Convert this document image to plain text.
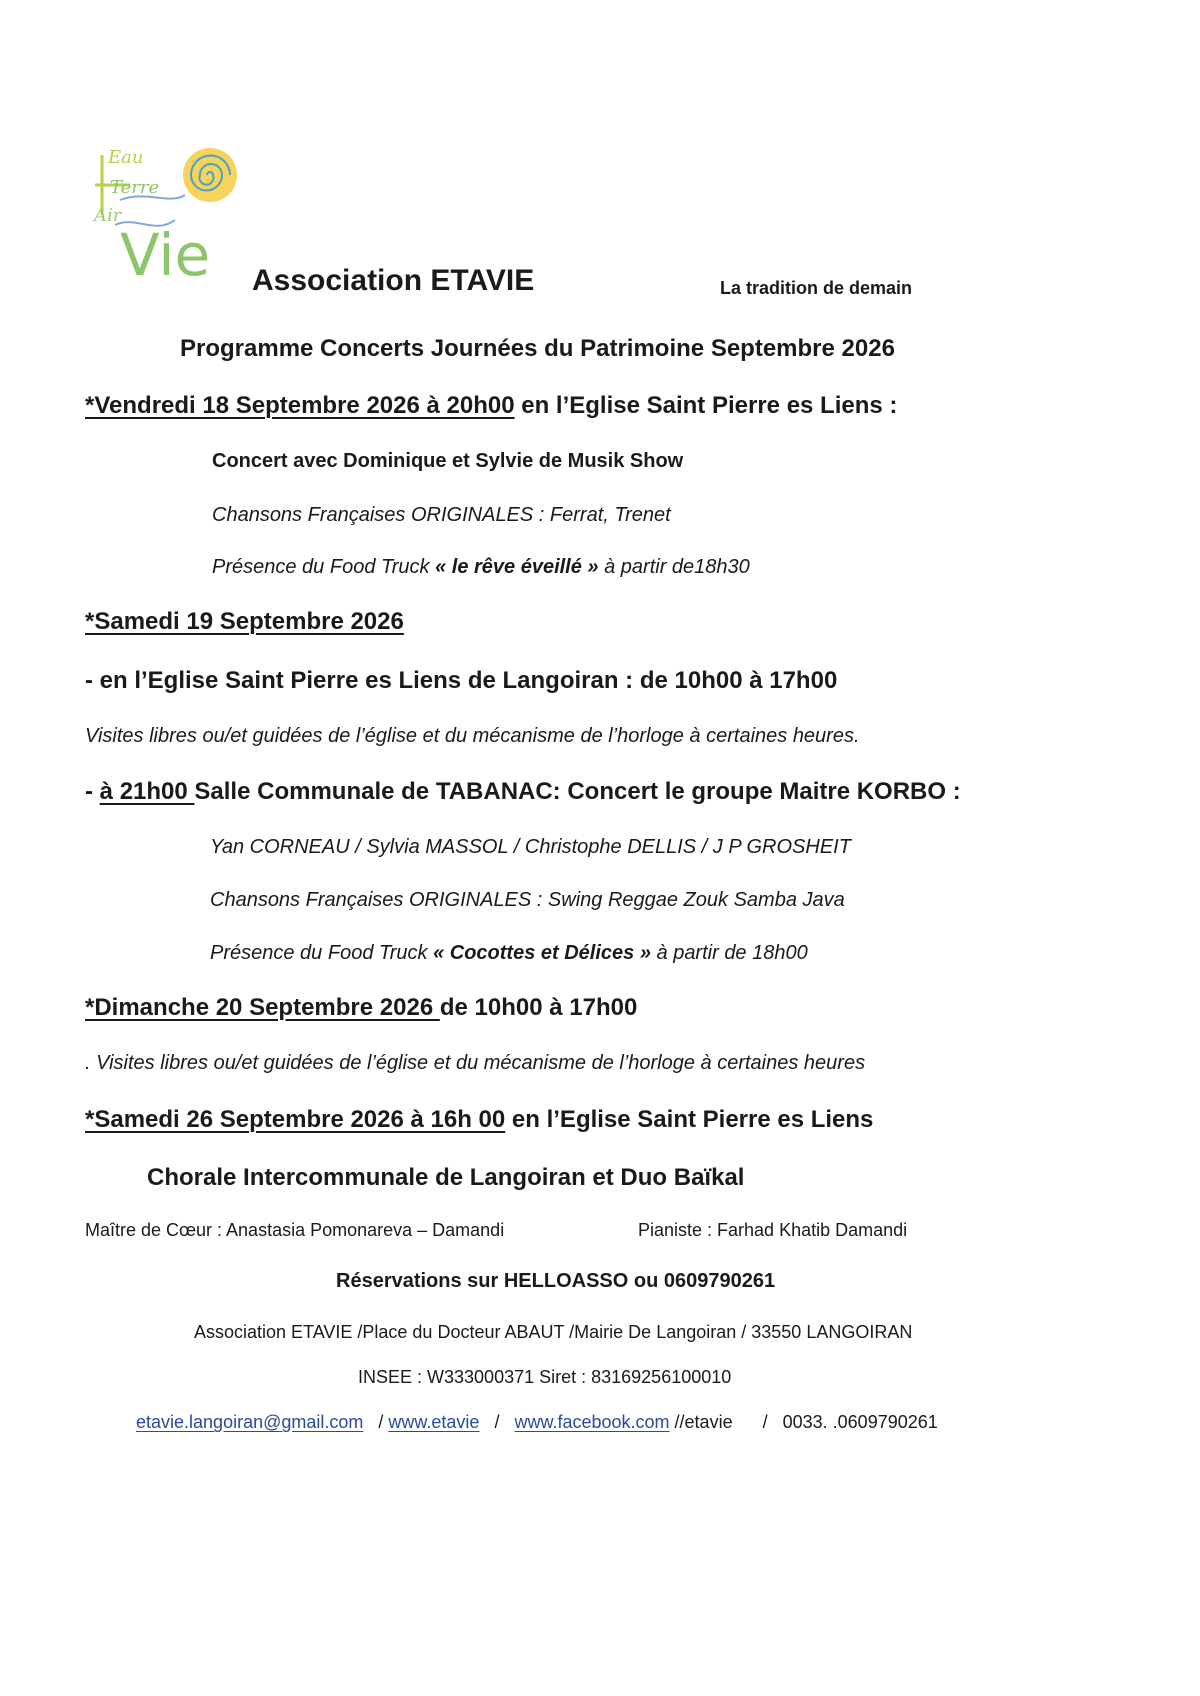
Eau
Terre
Air
Vie Association ETAVIE	La tradition de demain
Programme Concerts Journées du Patrimoine Septembre 2026
*Vendredi 18 Septembre 2026 à 20h00 en l’Eglise Saint Pierre es Liens :
Concert avec Dominique et Sylvie de Musik Show
Chansons Françaises ORIGINALES : Ferrat, Trenet
Présence du Food Truck « le rêve éveillé » à partir de18h30
*Samedi 19 Septembre 2026
- en l’Eglise Saint Pierre es Liens de Langoiran : de 10h00 à 17h00
Visites libres ou/et guidées de l’église et du mécanisme de l’horloge à certaines heures.
- à 21h00 Salle Communale de TABANAC: Concert le groupe Maitre KORBO :
Yan CORNEAU / Sylvia MASSOL / Christophe DELLIS / J P GROSHEIT
Chansons Françaises ORIGINALES : Swing Reggae Zouk Samba Java
Présence du Food Truck « Cocottes et Délices » à partir de 18h00
*Dimanche 20 Septembre 2026 de 10h00 à 17h00
. Visites libres ou/et guidées de l’église et du mécanisme de l’horloge à certaines heures
*Samedi 26 Septembre 2026 à 16h 00 en l’Eglise Saint Pierre es Liens
Chorale Intercommunale de Langoiran et Duo Baïkal
Maître de Cœur : Anastasia Pomonareva – Damandi	Pianiste : Farhad Khatib Damandi
Réservations sur HELLOASSO ou 0609790261
Association ETAVIE /Place du Docteur ABAUT /Mairie De Langoiran / 33550 LANGOIRAN
INSEE : W333000371 Siret : 83169256100010
etavie.langoiran@gmail.com   / www.etavie   /   www.facebook.com //etavie      /   0033. .0609790261
